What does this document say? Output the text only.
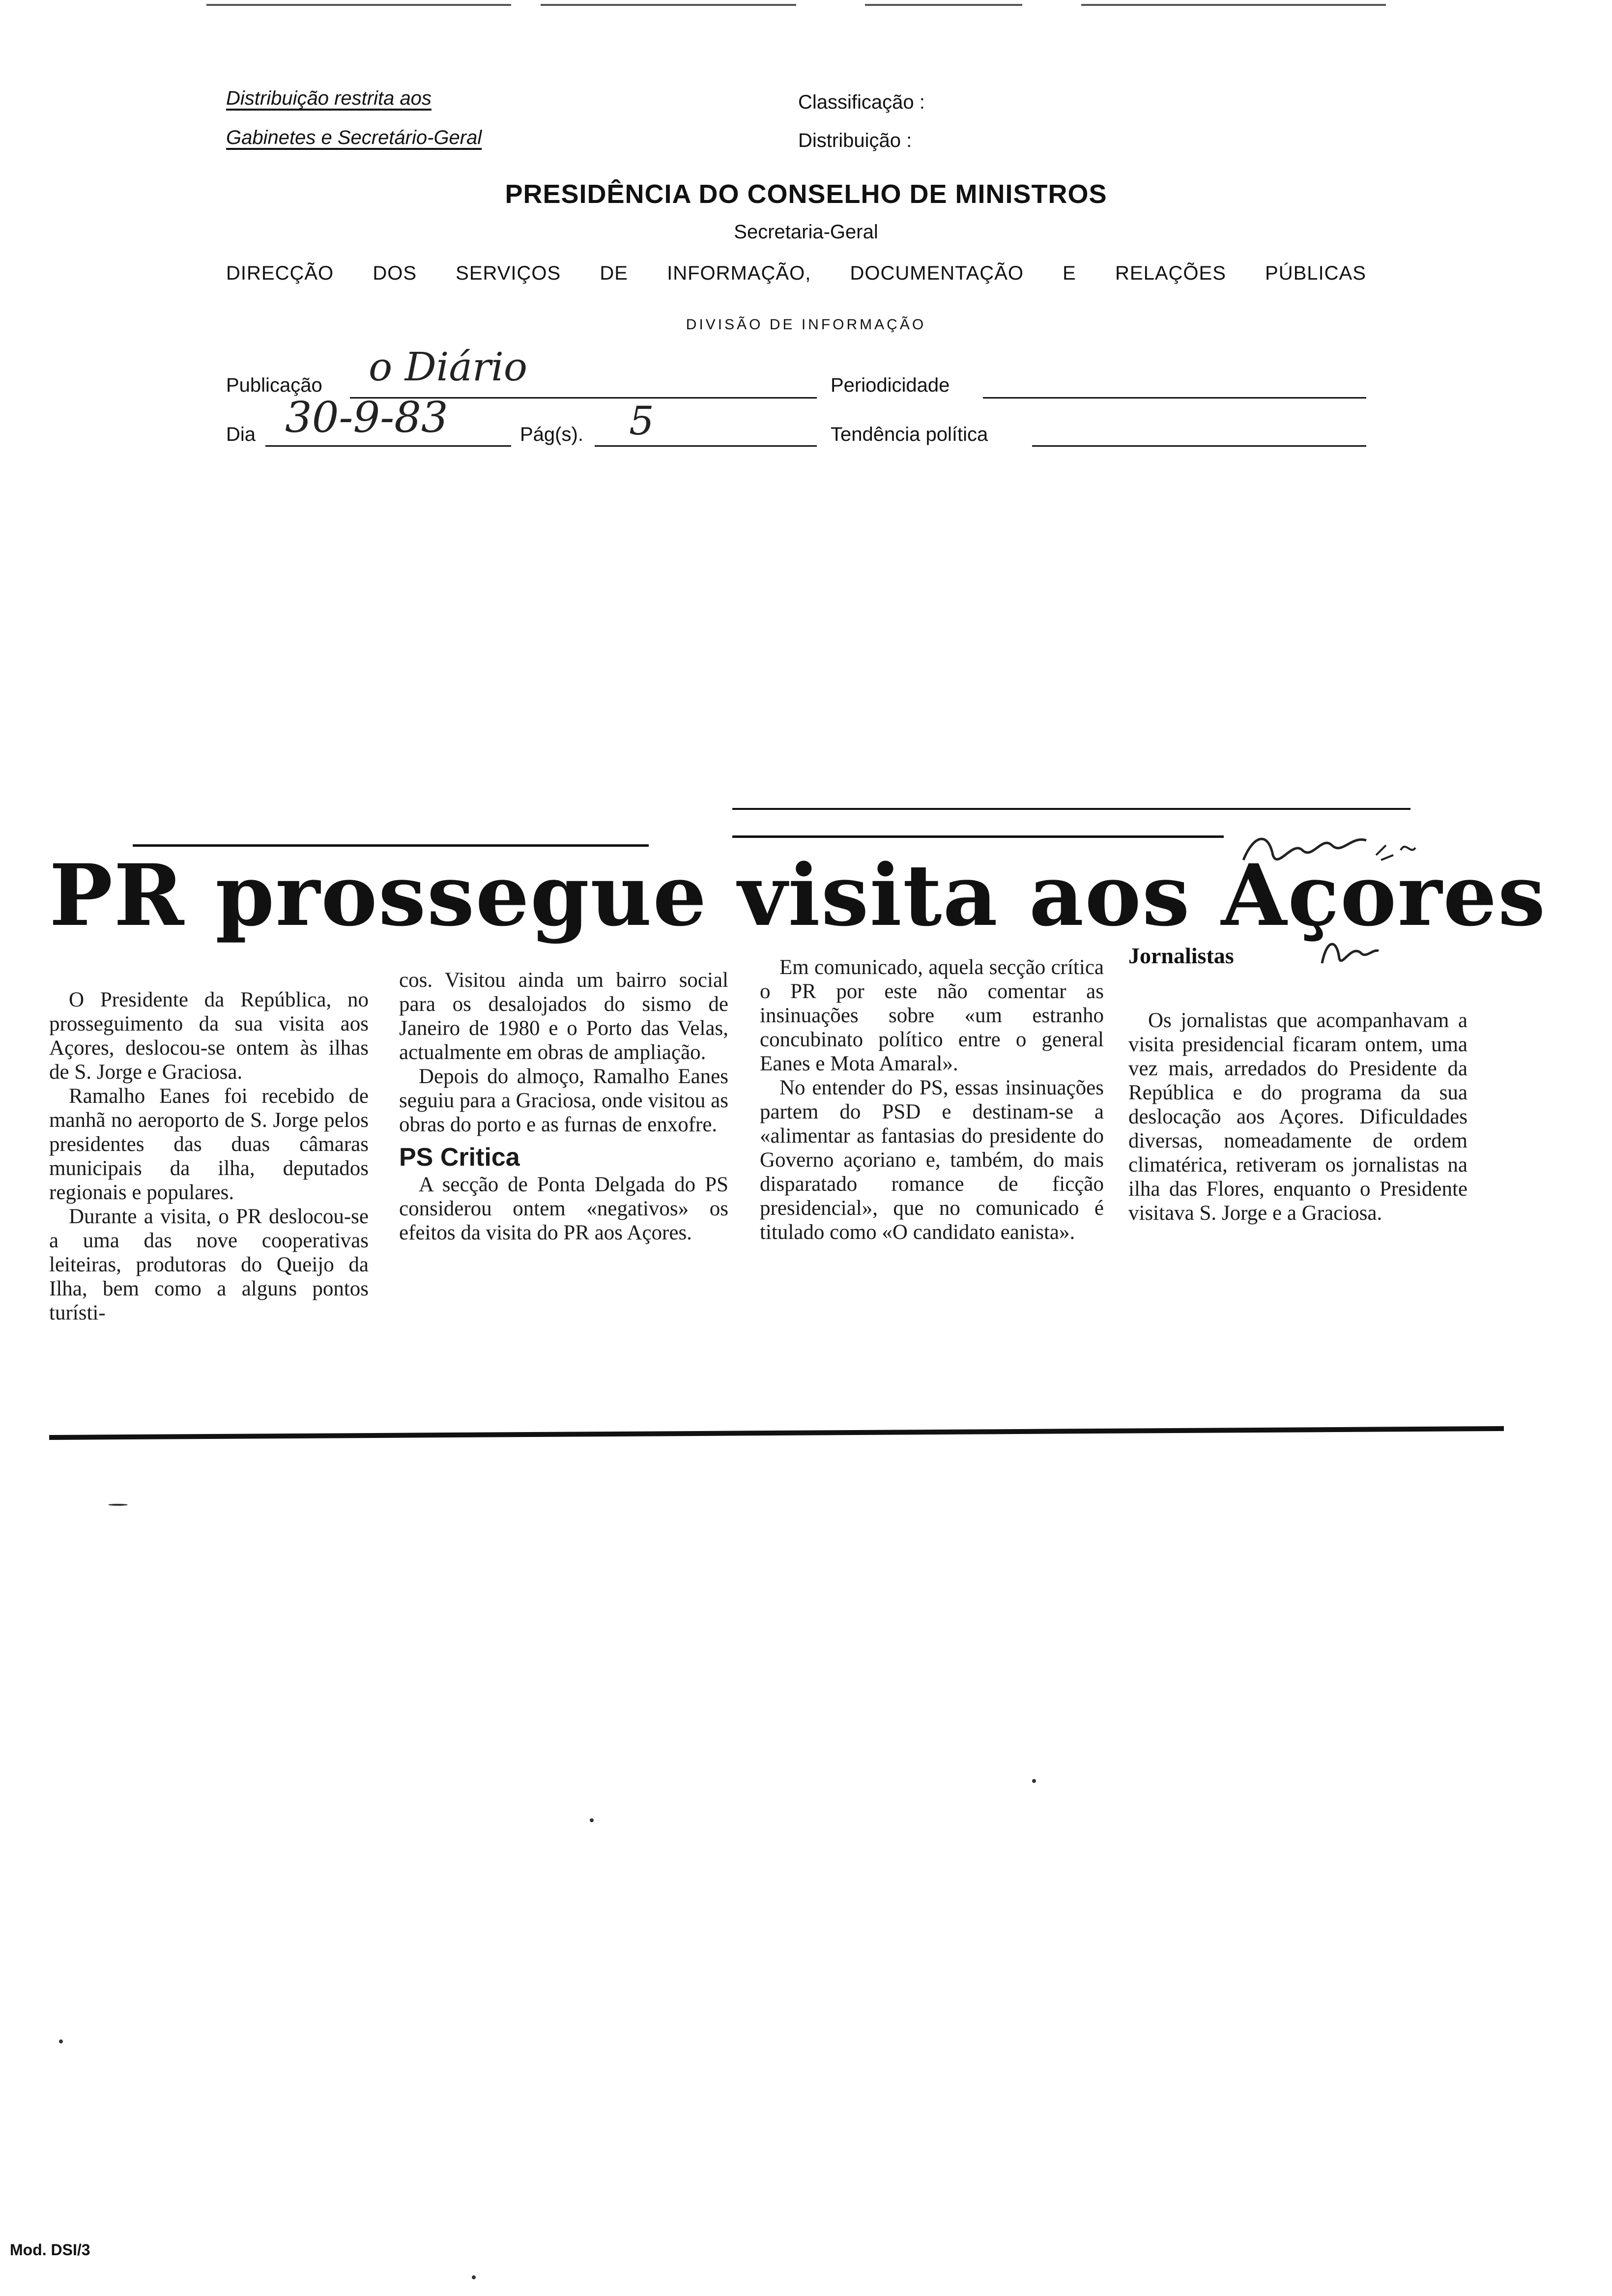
Distribuição restrita aos
Gabinetes e Secretário-Geral
Classificação :
Distribuição :
PRESIDÊNCIA DO CONSELHO DE MINISTROS
Secretaria-Geral
DIRECÇÃO DOS SERVIÇOS DE INFORMAÇÃO, DOCUMENTAÇÃO E RELAÇÕES PÚBLICAS
DIVISÃO DE INFORMAÇÃO
Publicação o Diário	Periodicidade
Dia 30-9-83	Pág(s). 5	Tendência política
PR prossegue visita aos Açores

O Presidente da República, no prosseguimento da sua visita aos Açores, deslocou-se ontem às ilhas de S. Jorge e Graciosa.

Ramalho Eanes foi recebido de manhã no aeroporto de S. Jorge pelos presidentes das duas câmaras municipais da ilha, deputados regionais e populares.

Durante a visita, o PR deslocou-se a uma das nove cooperativas leiteiras, produtoras do Queijo da Ilha, bem como a alguns pontos turísti-

cos. Visitou ainda um bairro social para os desalojados do sismo de Janeiro de 1980 e o Porto das Velas, actualmente em obras de ampliação.

Depois do almoço, Ramalho Eanes seguiu para a Graciosa, onde visitou as obras do porto e as furnas de enxofre.

PS Critica

A secção de Ponta Delgada do PS considerou ontem «negativos» os efeitos da visita do PR aos Açores.

Em comunicado, aquela secção crítica o PR por este não comentar as insinuações sobre «um estranho concubinato político entre o general Eanes e Mota Amaral».

No entender do PS, essas insinuações partem do PSD e destinam-se a «alimentar as fantasias do presidente do Governo açoriano e, também, do mais disparatado romance de ficção presidencial», que no comunicado é titulado como «O candidato eanista».

Jornalistas

Os jornalistas que acompanhavam a visita presidencial ficaram ontem, uma vez mais, arredados do Presidente da República e do programa da sua deslocação aos Açores. Dificuldades diversas, nomeadamente de ordem climatérica, retiveram os jornalistas na ilha das Flores, enquanto o Presidente visitava S. Jorge e a Graciosa.

Mod. DSI/3
